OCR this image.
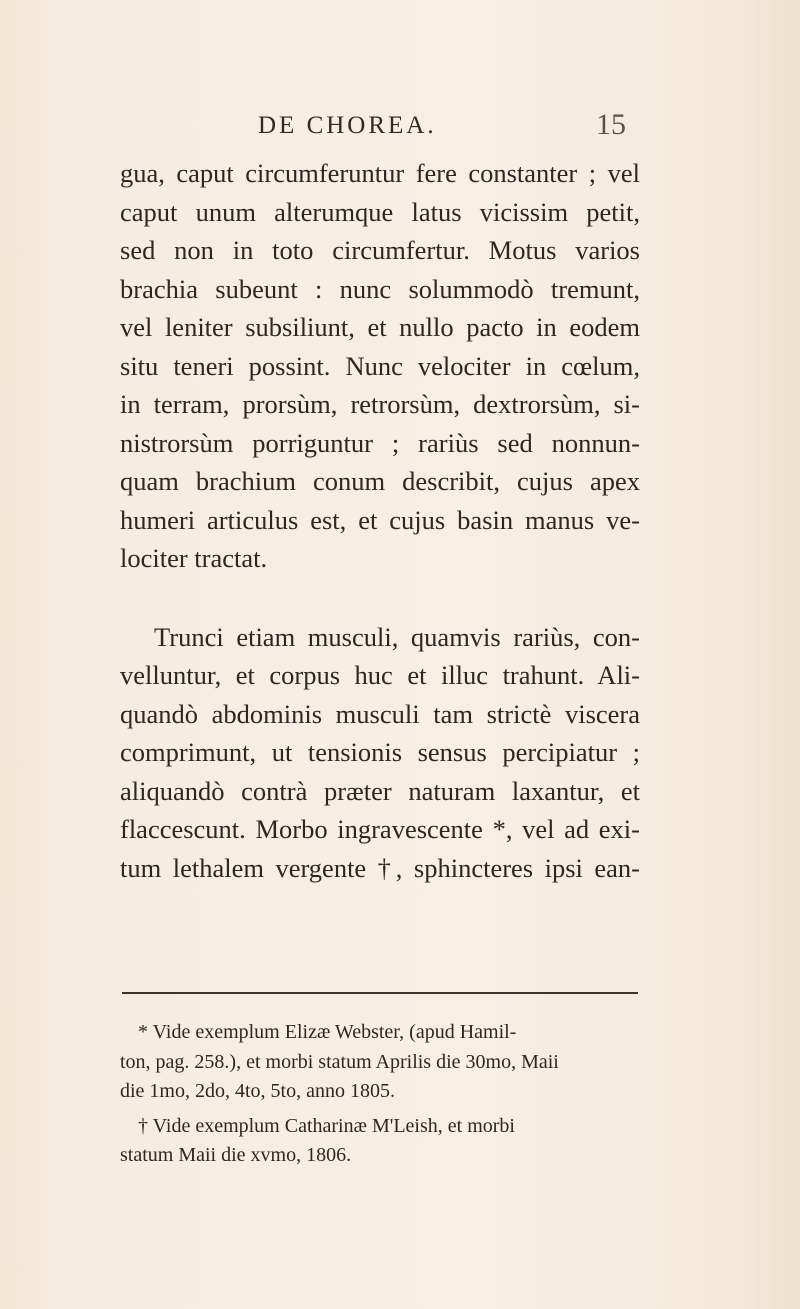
DE CHOREA.	15
gua, caput circumferuntur fere constanter ; vel
caput unum alterumque latus vicissim petit,
sed non in toto circumfertur. Motus varios
brachia subeunt : nunc solummodò tremunt,
vel leniter subsiliunt, et nullo pacto in eodem
situ teneri possint. Nunc velociter in cœlum,
in terram, prorsùm, retrorsùm, dextrorsùm, si-
nistrorsùm porriguntur ; rariùs sed nonnun-
quam brachium conum describit, cujus apex
humeri articulus est, et cujus basin manus ve-
lociter tractat.
Trunci etiam musculi, quamvis rariùs, con-
velluntur, et corpus huc et illuc trahunt. Ali-
quandò abdominis musculi tam strictè viscera
comprimunt, ut tensionis sensus percipiatur ;
aliquandò contrà præter naturam laxantur, et
flaccescunt. Morbo ingravescente *, vel ad exi-
tum lethalem vergente †, sphincteres ipsi ean-
* Vide exemplum Elizæ Webster, (apud Hamil-
ton, pag. 258.), et morbi statum Aprilis die 30mo, Maii
die 1mo, 2do, 4to, 5to, anno 1805.
† Vide exemplum Catharinæ M'Leish, et morbi
statum Maii die xvmo, 1806.
